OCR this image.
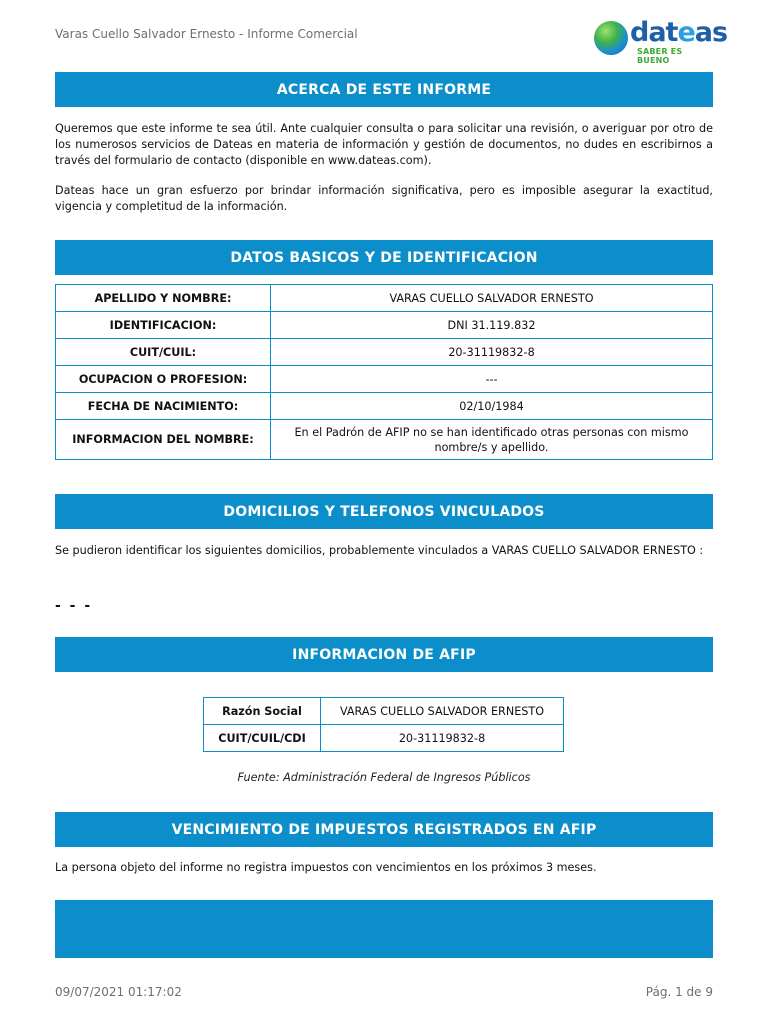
Varas Cuello Salvador Ernesto - Informe Comercial	dateas
SABER ES BUENO
ACERCA DE ESTE INFORME
Queremos que este informe te sea útil. Ante cualquier consulta o para solicitar una revisión, o averiguar por otro de los numerosos servicios de Dateas en materia de información y gestión de documentos, no dudes en escribirnos a través del formulario de contacto (disponible en www.dateas.com).
Dateas hace un gran esfuerzo por brindar información significativa, pero es imposible asegurar la exactitud, vigencia y completitud de la información.
DATOS BASICOS Y DE IDENTIFICACION
APELLIDO Y NOMBRE:	VARAS CUELLO SALVADOR ERNESTO
IDENTIFICACION:	DNI 31.119.832
CUIT/CUIL:	20-31119832-8
OCUPACION O PROFESION:	---
FECHA DE NACIMIENTO:	02/10/1984
INFORMACION DEL NOMBRE:	En el Padrón de AFIP no se han identificado otras personas con mismo nombre/s y apellido.
DOMICILIOS Y TELEFONOS VINCULADOS
Se pudieron identificar los siguientes domicilios, probablemente vinculados a VARAS CUELLO SALVADOR ERNESTO :
- - -
INFORMACION DE AFIP
Razón Social	VARAS CUELLO SALVADOR ERNESTO
CUIT/CUIL/CDI	20-31119832-8
Fuente: Administración Federal de Ingresos Públicos
VENCIMIENTO DE IMPUESTOS REGISTRADOS EN AFIP
La persona objeto del informe no registra impuestos con vencimientos en los próximos 3 meses.
09/07/2021 01:17:02	Pág. 1 de 9
